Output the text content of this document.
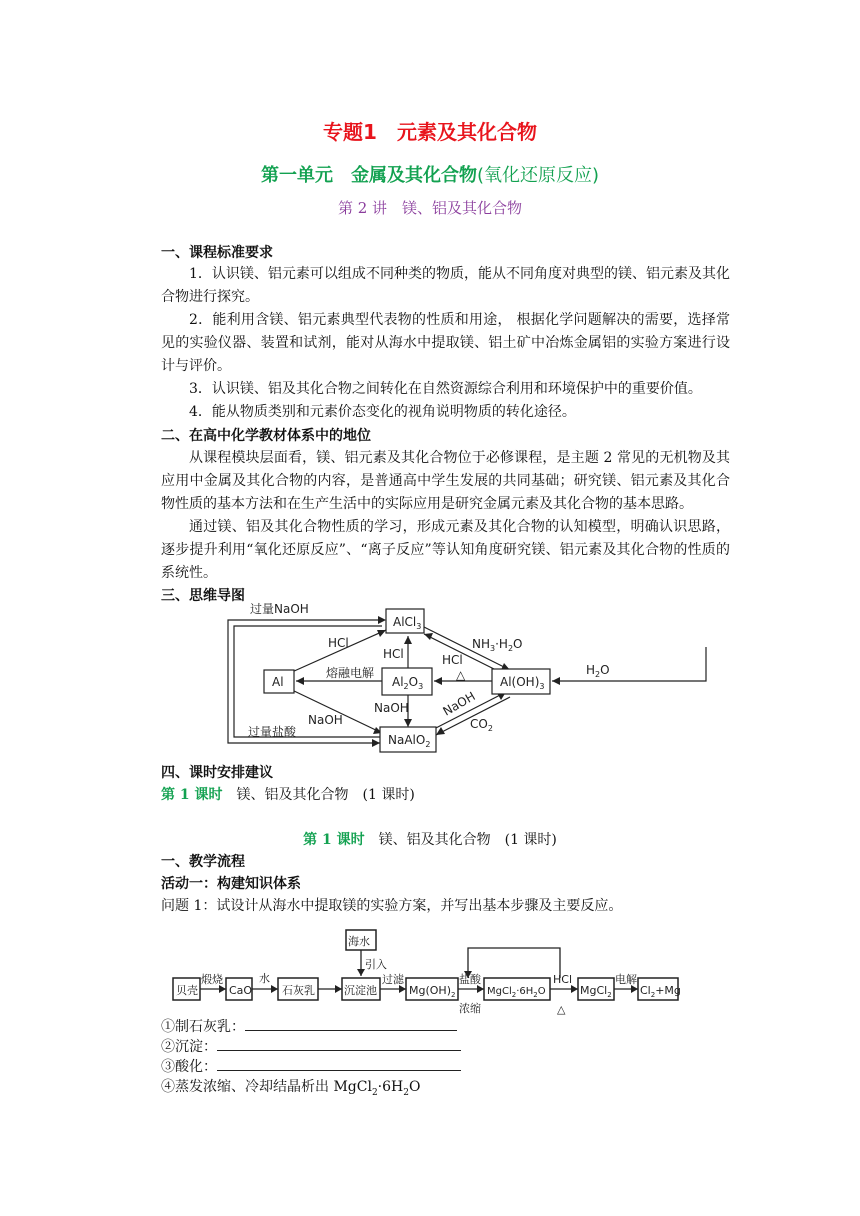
专题1　元素及其化合物
第一单元　金属及其化合物(氧化还原反应)
第 2 讲　镁、铝及其化合物
一、课程标准要求
1．认识镁、铝元素可以组成不同种类的物质，能从不同角度对典型的镁、铝元素及其化合物进行探究。
2．能利用含镁、铝元素典型代表物的性质和用途， 根据化学问题解决的需要，选择常见的实验仪器、装置和试剂，能对从海水中提取镁、铝土矿中冶炼金属铝的实验方案进行设计与评价。
3．认识镁、铝及其化合物之间转化在自然资源综合利用和环境保护中的重要价值。
4．能从物质类别和元素价态变化的视角说明物质的转化途径。
二、在高中化学教材体系中的地位
从课程模块层面看，镁、铝元素及其化合物位于必修课程，是主题 2 常见的无机物及其应用中金属及其化合物的内容，是普通高中学生发展的共同基础；研究镁、铝元素及其化合物性质的基本方法和在生产生活中的实际应用是研究金属元素及其化合物的基本思路。
通过镁、铝及其化合物性质的学习，形成元素及其化合物的认知模型，明确认识思路，逐步提升利用“氧化还原反应”、“离子反应”等认知角度研究镁、铝元素及其化合物的性质的系统性。
三、思维导图
AlCl$_3$
Al	$Al_2O_3$	$Al(OH)_3$
NaAlO$_2$
过量NaOH
HCl
HCl	HCl
△
$NH_3\cdot H_2O$
熔融电解	$H_2O$
NaOH
NaOH	NaOH
$CO_2$
过量盐酸
贝壳	CaO	石灰乳	沉淀池
海水
$Mg(OH)_2$	$MgCl_2\cdot 6H_2O$	MgCl$_2$	$Cl_2+Mg$
煅烧	水
引入
过滤	盐酸
浓缩
HCl
△
电解
四、课时安排建议
第 1 课时　镁、铝及其化合物　(1 课时)
第 1 课时　镁、铝及其化合物　(1 课时)
一、教学流程
活动一：构建知识体系
问题 1：试设计从海水中提取镁的实验方案，并写出基本步骤及主要反应。
①制石灰乳：
②沉淀：
③酸化：
④蒸发浓缩、冷却结晶析出 $MgCl_2\cdot 6H_2O$
